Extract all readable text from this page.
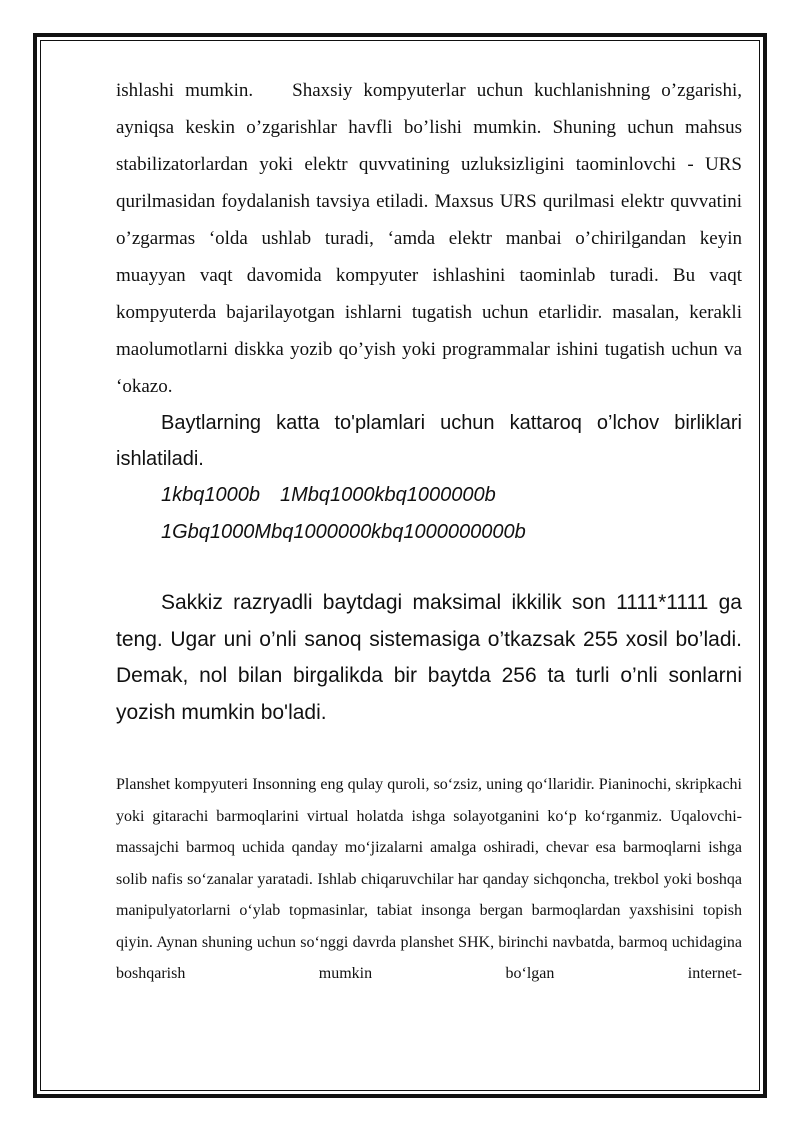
ishlashi mumkin. Shaxsiy kompyuterlar uchun kuchlanishning o’zgarishi, ayniqsa keskin o’zgarishlar havfli bo’lishi mumkin. Shuning uchun mahsus stabilizatorlardan yoki elektr quvvatining uzluksizligini taominlovchi - URS qurilmasidan foydalanish tavsiya etiladi. Maxsus URS qurilmasi elektr quvvatini o’zgarmas ‘olda ushlab turadi, ‘amda elektr manbai o’chirilgandan keyin muayyan vaqt davomida kompyuter ishlashini taominlab turadi. Bu vaqt kompyuterda bajarilayotgan ishlarni tugatish uchun etarlidir. masalan, kerakli maolumotlarni diskka yozib qo’yish yoki programmalar ishini tugatish uchun va ‘okazo.

Baytlarning katta to'plamlari uchun kattaroq o’lchov birliklari ishlatiladi.

1kbq1000b 1Mbq1000kbq1000000b

1Gbq1000Mbq1000000kbq1000000000b

Sakkiz razryadli baytdagi maksimal ikkilik son 1111*1111 ga teng. Ugar uni o’nli sanoq sistemasiga o’tkazsak 255 xosil bo’ladi. Demak, nol bilan birgalikda bir baytda 256 ta turli o’nli sonlarni yozish mumkin bo'ladi.

Planshet kompyuteri Insonning eng qulay quroli, so‘zsiz, uning qo‘llaridir. Pianinochi, skripkachi yoki gitarachi barmoqlarini virtual holatda ishga solayotganini ko‘p ko‘rganmiz. Uqalovchi-massajchi barmoq uchida qanday mo‘jizalarni amalga oshiradi, chevar esa barmoqlarni ishga solib nafis so‘zanalar yaratadi. Ishlab chiqaruvchilar har qanday sichqoncha, trekbol yoki boshqa manipulyatorlarni o‘ylab topmasinlar, tabiat insonga bergan barmoqlardan yaxshisini topish qiyin. Aynan shuning uchun so‘nggi davrda planshet SHK, birinchi navbatda, barmoq uchidagina boshqarish mumkin bo‘lgan internet-
